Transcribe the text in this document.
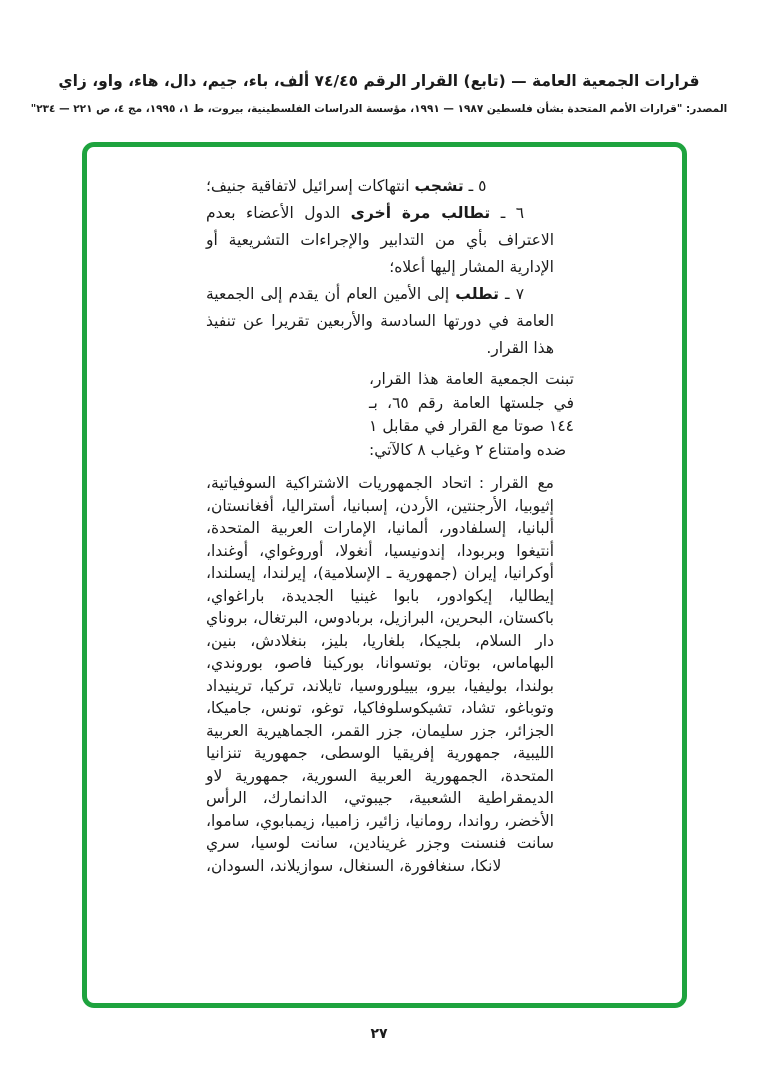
قرارات الجمعية العامة — (تابع) القرار الرقم ٧٤/٤٥ ألف، باء، جيم، دال، هاء، واو، زاي
المصدر: "قرارات الأمم المتحدة بشأن فلسطين ١٩٨٧ — ١٩٩١، مؤسسة الدراسات الفلسطينية، بيروت، ط ١، ١٩٩٥، مج ٤، ص ٢٢١ — ٢٣٤"

٥ ـ تشجب انتهاكات إسرائيل لاتفاقية جنيف؛

٦ ـ تطالب مرة أخرى الدول الأعضاء بعدم الاعتراف بأي من التدابير والإجراءات التشريعية أو الإدارية المشار إليها أعلاه؛

٧ ـ تطلب إلى الأمين العام أن يقدم إلى الجمعية العامة في دورتها السادسة والأربعين تقريرا عن تنفيذ هذا القرار.

تبنت الجمعية العامة هذا القرار، في جلستها العامة رقم ٦٥، بـ ١٤٤ صوتا مع القرار في مقابل ١ ضده وامتناع ٢ وغياب ٨ كالآتي:

مع القرار:اتحاد الجمهوريات الاشتراكية السوفياتية، إثيوبيا، الأرجنتين، الأردن، إسبانيا، أستراليا، أفغانستان، ألبانيا، إلسلفادور، ألمانيا، الإمارات العربية المتحدة، أنتيغوا وبربودا، إندونيسيا، أنغولا، أوروغواي، أوغندا، أوكرانيا، إيران (جمهورية ـ الإسلامية)، إيرلندا، إيسلندا، إيطاليا، إيكوادور، بابوا غينيا الجديدة، باراغواي، باكستان، البحرين، البرازيل، بربادوس، البرتغال، بروناي دار السلام، بلجيكا، بلغاريا، بليز، بنغلادش، بنين، البهاماس، بوتان، بوتسوانا، بوركينا فاصو، بوروندي، بولندا، بوليفيا، بيرو، بييلوروسيا، تايلاند، تركيا، ترينيداد وتوباغو، تشاد، تشيكوسلوفاكيا، توغو، تونس، جاميكا، الجزائر، جزر سليمان، جزر القمر، الجماهيرية العربية الليبية، جمهورية إفريقيا الوسطى، جمهورية تنزانيا المتحدة، الجمهورية العربية السورية، جمهورية لاو الديمقراطية الشعبية، جيبوتي، الدانمارك، الرأس الأخضر، رواندا، رومانيا، زائير، زامبيا، زيمبابوي، ساموا، سانت فنسنت وجزر غرينادين، سانت لوسيا، سري لانكا، سنغافورة، السنغال، سوازيلاند، السودان،

٢٧
